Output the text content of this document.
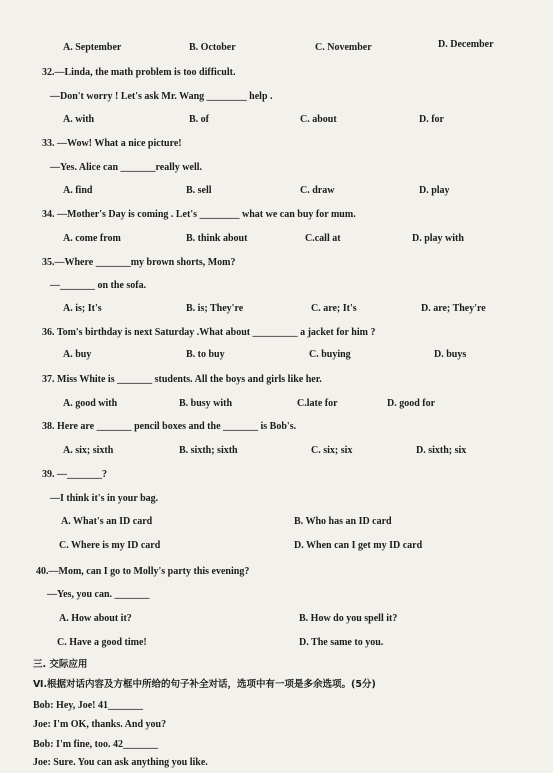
A. September	B. October	C. November	D. December
32.—Linda, the math problem is too difficult.
—Don't worry ! Let's ask Mr. Wang ________ help .
A. with	B. of	C. about	D. for
33. —Wow! What a nice picture!
—Yes. Alice can _______really well.
A. find	B. sell	C. draw	D. play
34. —Mother's Day is coming . Let's ________ what we can buy for mum.
A. come from	B. think about	C.call at	D. play with
35.—Where _______my brown shorts, Mom?
—_______ on the sofa.
A. is; It's	B. is; They're	C. are; It's	D. are; They're
36. Tom's birthday is next Saturday .What about _________ a jacket for him ?
A. buy	B. to buy	C. buying	D. buys
37. Miss White is _______ students. All the boys and girls like her.
A. good with	B. busy with	C.late for	D. good for
38. Here are _______ pencil boxes and the _______ is Bob's.
A. six; sixth	B. sixth; sixth	C. six; six	D. sixth; six
39. —_______?
—I think it's in your bag.
A. What's an ID card	B. Who has an ID card
C. Where is my ID card	D. When can I get my ID card
40.—Mom, can I go to Molly's party this evening?
—Yes, you can. _______
A. How about it?	B. How do you spell it?
C. Have a good time!	D. The same to you.
三. 交际应用
Ⅵ.根据对话内容及方框中所给的句子补全对话，选项中有一项是多余选项。(5分)
Bob: Hey, Joe! 41_______
Joe: I'm OK, thanks. And you?
Bob: I'm fine, too. 42_______
Joe: Sure. You can ask anything you like.
